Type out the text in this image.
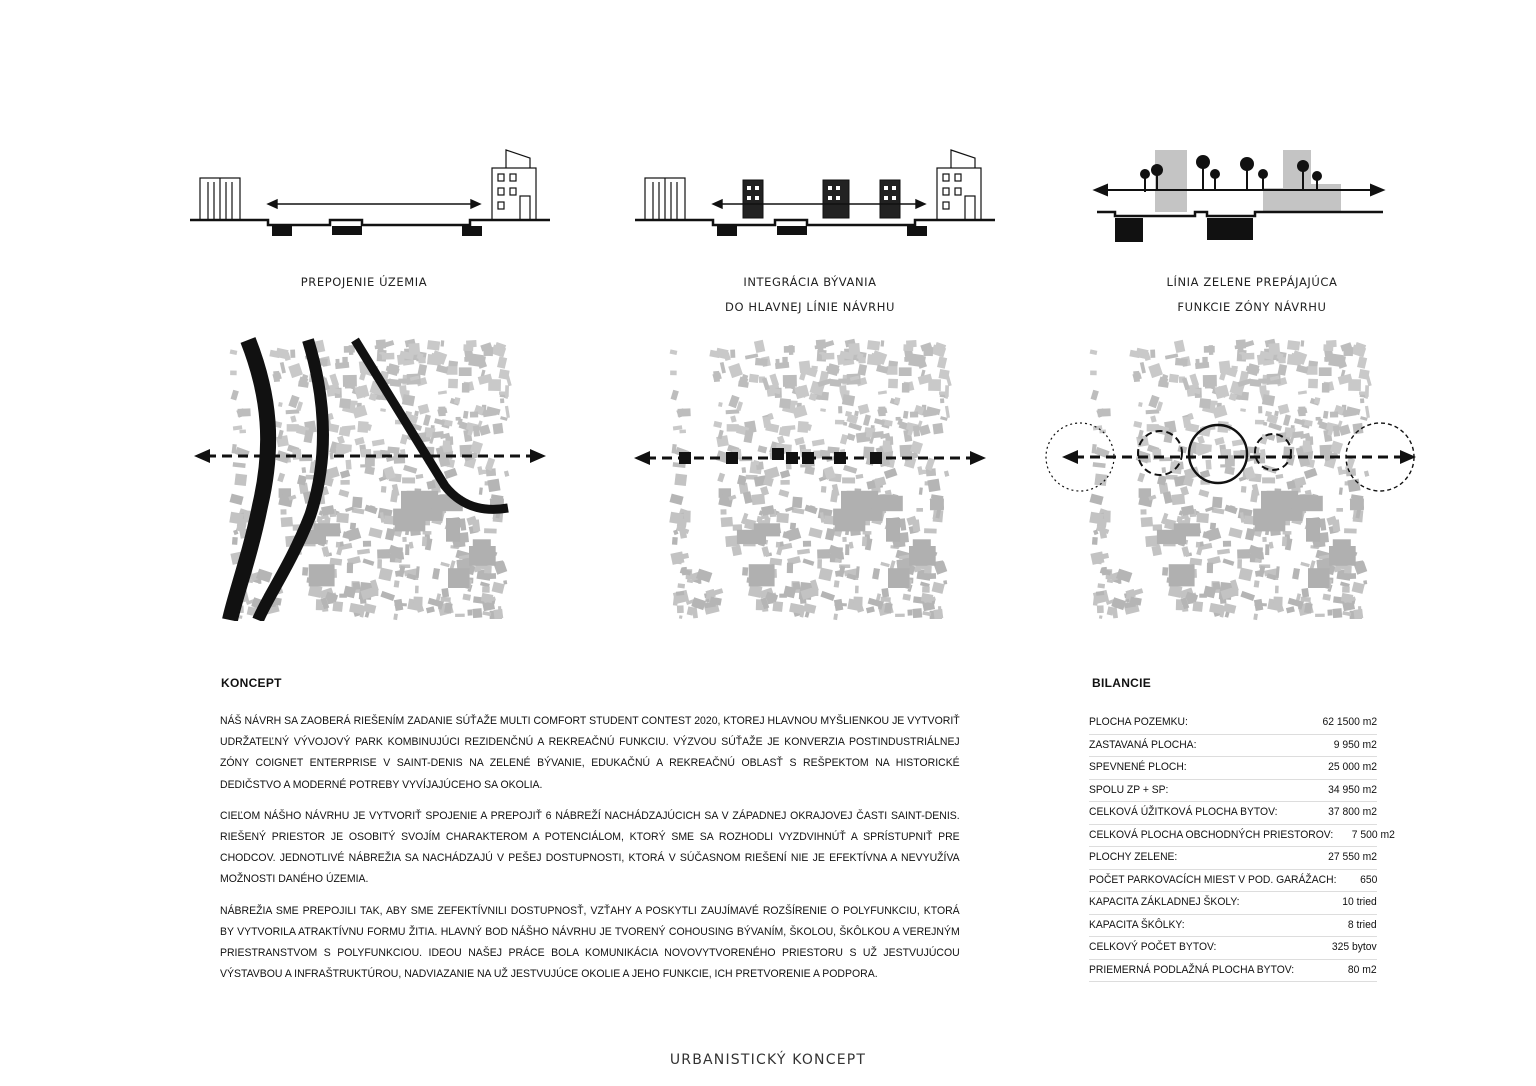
PREPOJENIE ÚZEMIA	INTEGRÁCIA BÝVANIA
DO HLAVNEJ LÍNIE NÁVRHU
LÍNIA ZELENE PREPÁJAJÚCA
FUNKCIE ZÓNY NÁVRHU
KONCEPT

NÁŠ NÁVRH SA ZAOBERÁ RIEŠENÍM ZADANIE SÚŤAŽE MULTI COMFORT STUDENT CONTEST 2020, KTOREJ HLAVNOU MYŠLIENKOU JE VYTVORIŤ UDRŽATEĽNÝ VÝVOJOVÝ PARK KOMBINUJÚCI REZIDENČNÚ A REKREAČNÚ FUNKCIU. VÝZVOU SÚŤAŽE JE KONVERZIA POSTINDUSTRIÁLNEJ ZÓNY COIGNET ENTERPRISE V SAINT-DENIS NA ZELENÉ BÝVANIE, EDUKAČNÚ A REKREAČNÚ OBLASŤ S REŠPEKTOM NA HISTORICKÉ DEDIČSTVO A MODERNÉ POTREBY VYVÍJAJÚCEHO SA OKOLIA.

CIEĽOM NÁŠHO NÁVRHU JE VYTVORIŤ SPOJENIE A PREPOJIŤ 6 NÁBREŽÍ NACHÁDZAJÚCICH SA V ZÁPADNEJ OKRAJOVEJ ČASTI SAINT-DENIS. RIEŠENÝ PRIESTOR JE OSOBITÝ SVOJÍM CHARAKTEROM A POTENCIÁLOM, KTORÝ SME SA ROZHODLI VYZDVIHNÚŤ A SPRÍSTUPNIŤ PRE CHODCOV. JEDNOTLIVÉ NÁBREŽIA SA NACHÁDZAJÚ V PEŠEJ DOSTUPNOSTI, KTORÁ V SÚČASNOM RIEŠENÍ NIE JE EFEKTÍVNA A NEVYUŽÍVA MOŽNOSTI DANÉHO ÚZEMIA.

NÁBREŽIA SME PREPOJILI TAK, ABY SME ZEFEKTÍVNILI DOSTUPNOSŤ, VZŤAHY A POSKYTLI ZAUJÍMAVÉ ROZŠÍRENIE O POLYFUNKCIU, KTORÁ BY VYTVORILA ATRAKTÍVNU FORMU ŽITIA. HLAVNÝ BOD NÁŠHO NÁVRHU JE TVORENÝ COHOUSING BÝVANÍM, ŠKOLOU, ŠKÔLKOU A VEREJNÝM PRIESTRANSTVOM S POLYFUNKCIOU. IDEOU NAŠEJ PRÁCE BOLA KOMUNIKÁCIA NOVOVYTVORENÉHO PRIESTORU S UŽ JESTVUJÚCOU VÝSTAVBOU A INFRAŠTRUKTÚROU, NADVIAZANIE NA UŽ JESTVUJÚCE OKOLIE A JEHO FUNKCIE, ICH PRETVORENIE A PODPORA.

BILANCIE
PLOCHA POZEMKU:	62 1500 m2
ZASTAVANÁ PLOCHA:	9 950 m2
SPEVNENÉ PLOCH:	25 000 m2
SPOLU ZP + SP:	34 950 m2
CELKOVÁ ÚŽITKOVÁ PLOCHA BYTOV:	37 800 m2
CELKOVÁ PLOCHA OBCHODNÝCH PRIESTOROV: 7 500 m2
PLOCHY ZELENE:	27 550 m2
POČET PARKOVACÍCH MIEST V POD. GARÁŽACH: 650
KAPACITA ZÁKLADNEJ ŠKOLY:	10 tried
KAPACITA ŠKÔLKY:	8 tried
CELKOVÝ POČET BYTOV:	325 bytov
PRIEMERNÁ PODLAŽNÁ PLOCHA BYTOV:	80 m2
URBANISTICKÝ KONCEPT
